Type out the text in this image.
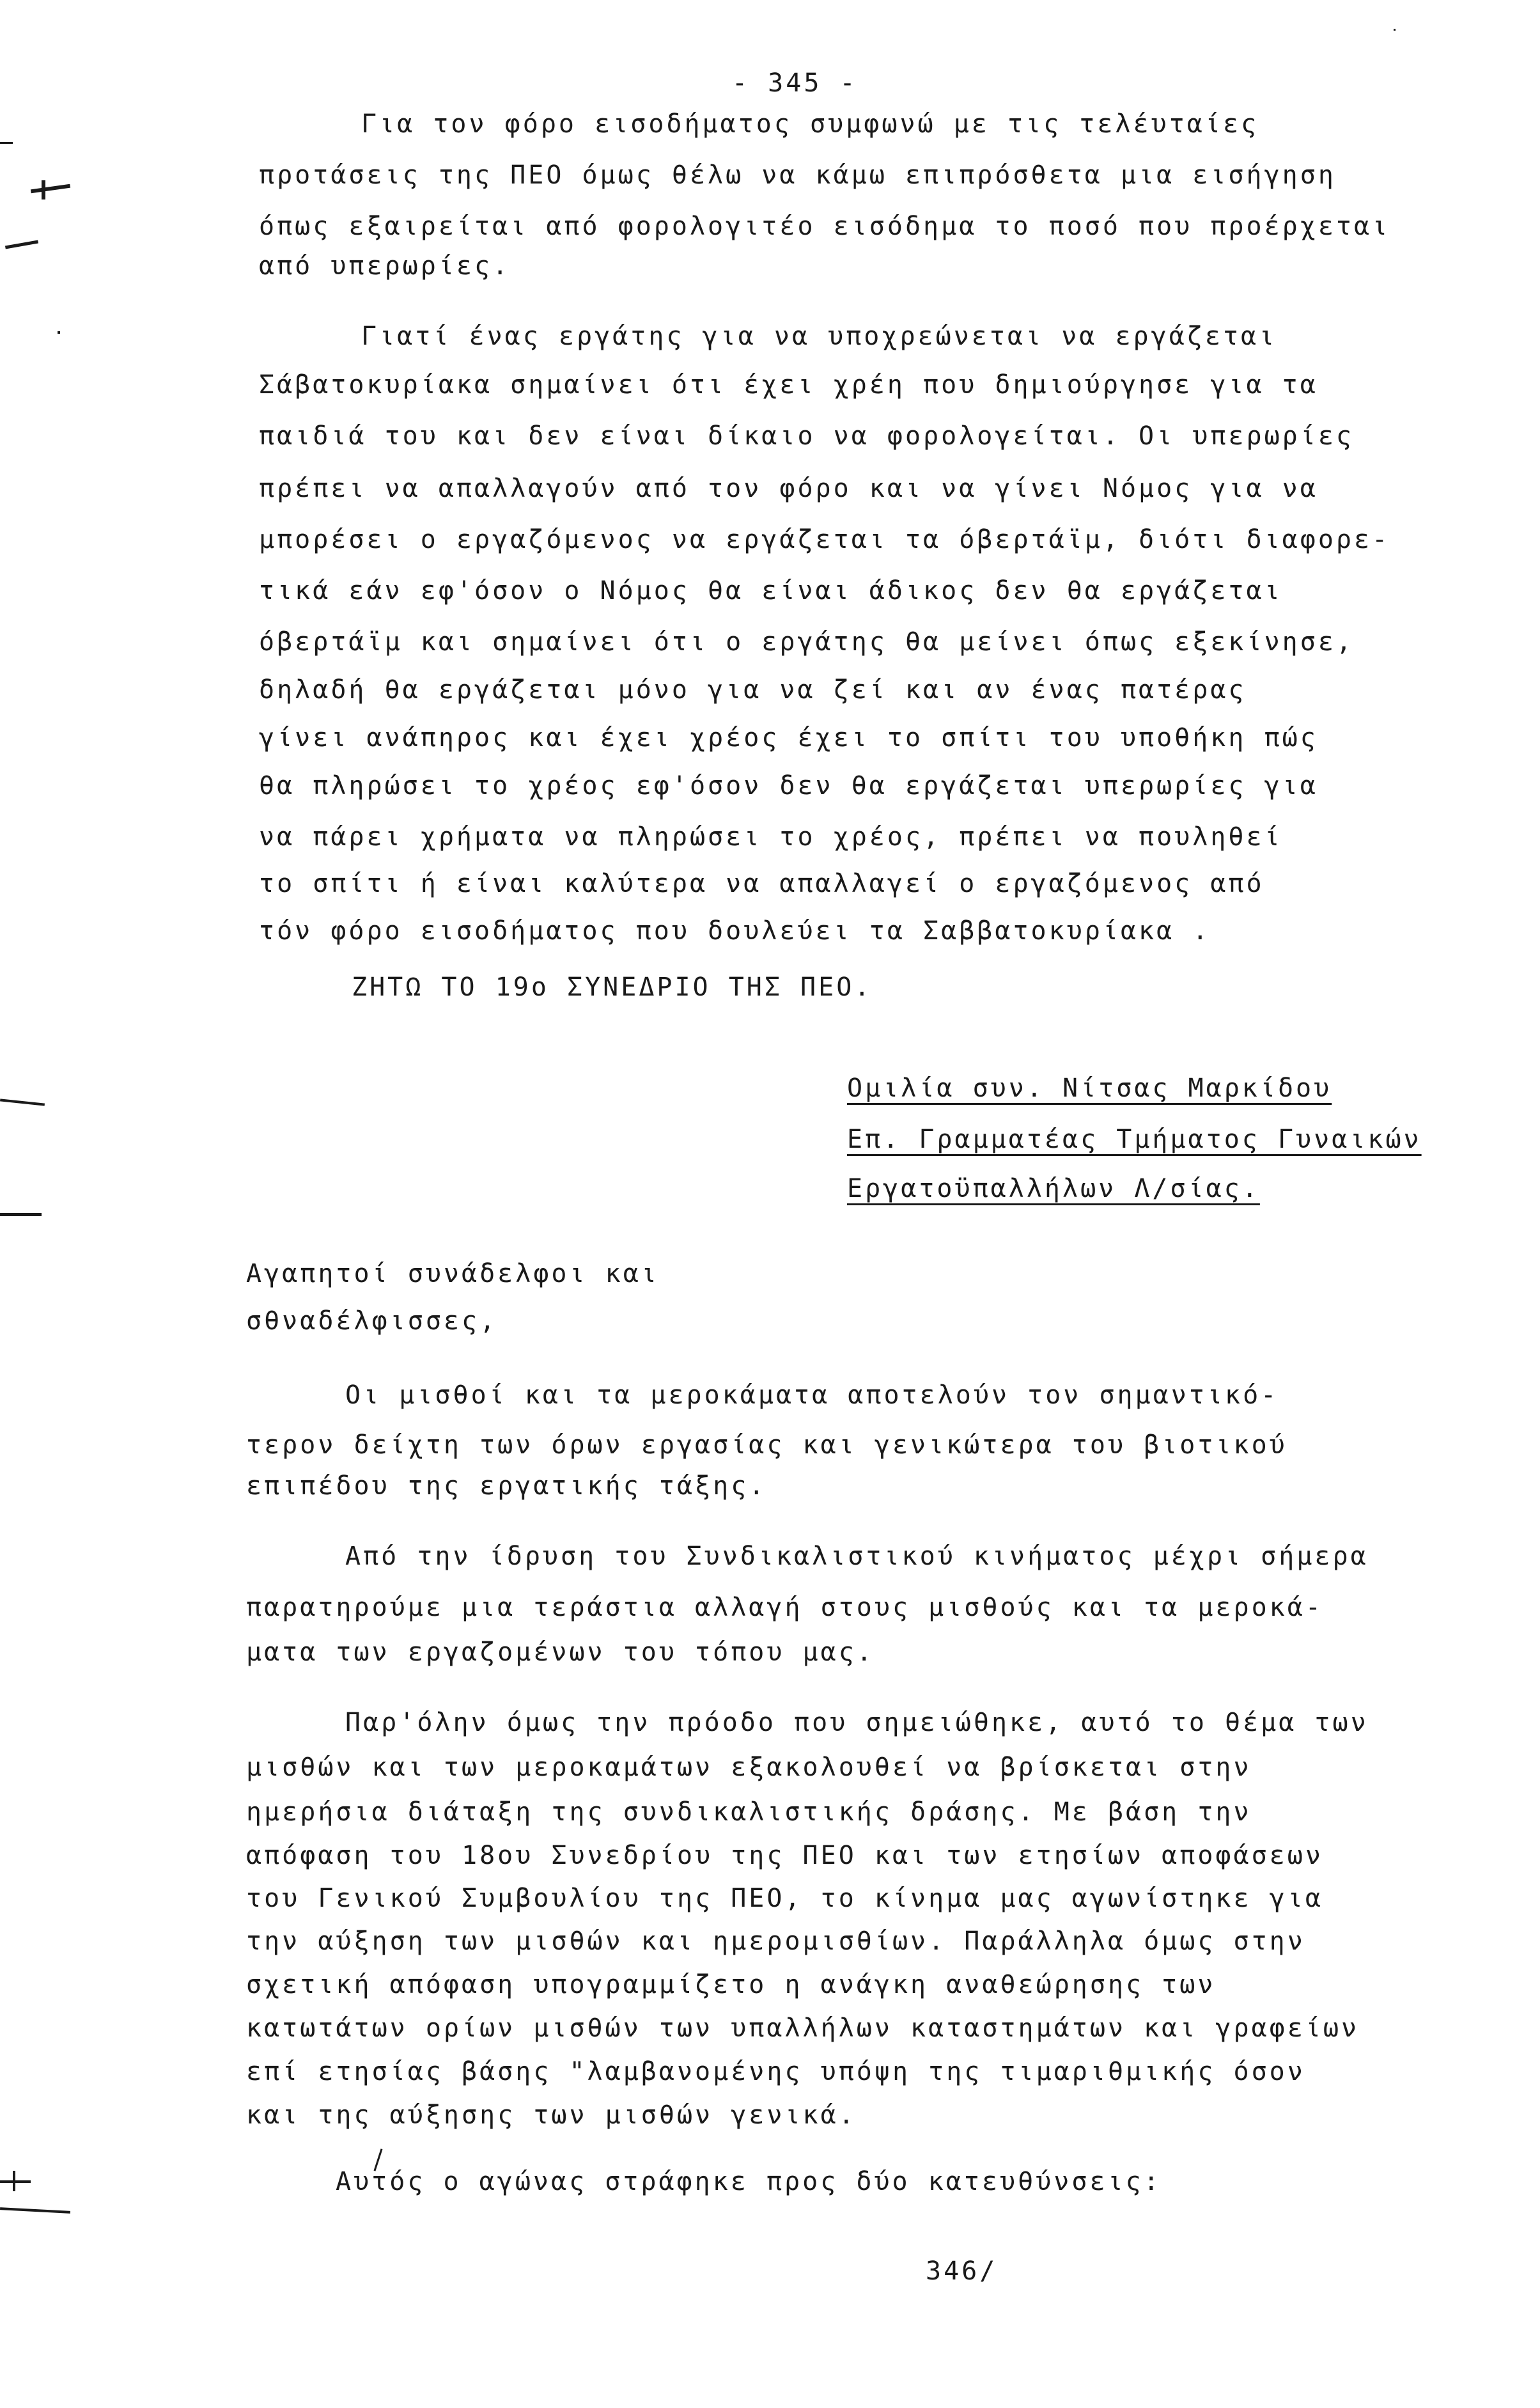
- 345 -
Για τον φόρο εισοδήματος συμφωνώ με τις τελέυταίες
προτάσεις της ΠΕΟ όμως θέλω να κάμω επιπρόσθετα μια εισήγηση
όπως εξαιρείται από φορολογιτέο εισόδημα το ποσό που προέρχεται
από υπερωρίες.
Γιατί ένας εργάτης για να υποχρεώνεται να εργάζεται
Σάβατοκυρίακα σημαίνει ότι έχει χρέη που δημιούργησε για τα
παιδιά του και δεν είναι δίκαιο να φορολογείται. Οι υπερωρίες
πρέπει να απαλλαγούν από τον φόρο και να γίνει Νόμος για να
μπορέσει ο εργαζόμενος να εργάζεται τα όβερτάϊμ, διότι διαφορε-
τικά εάν εφ'όσον ο Νόμος θα είναι άδικος δεν θα εργάζεται
όβερτάϊμ και σημαίνει ότι ο εργάτης θα μείνει όπως εξεκίνησε,
δηλαδή θα εργάζεται μόνο για να ζεί και αν ένας πατέρας
γίνει ανάπηρος και έχει χρέος έχει το σπίτι του υποθήκη πώς
θα πληρώσει το χρέος εφ'όσον δεν θα εργάζεται υπερωρίες για
να πάρει χρήματα να πληρώσει το χρέος, πρέπει να πουληθεί
το σπίτι ή είναι καλύτερα να απαλλαγεί ο εργαζόμενος από
τόν φόρο εισοδήματος που δουλεύει τα Σαββατοκυρίακα .
ΖΗΤΩ ΤΟ 19ο ΣΥΝΕΔΡΙΟ ΤΗΣ ΠΕΟ.
Ομιλία συν. Νίτσας Μαρκίδου
Επ. Γραμματέας Τμήματος Γυναικών
Εργατοϋπαλλήλων Λ/σίας.
Αγαπητοί συνάδελφοι και
σθναδέλφισσες,
Οι μισθοί και τα μεροκάματα αποτελούν τον σημαντικό-
τερον δείχτη των όρων εργασίας και γενικώτερα του βιοτικού
επιπέδου της εργατικής τάξης.
Από την ίδρυση του Συνδικαλιστικού κινήματος μέχρι σήμερα
παρατηρούμε μια τεράστια αλλαγή στους μισθούς και τα μεροκά-
ματα των εργαζομένων του τόπου μας.
Παρ'όλην όμως την πρόοδο που σημειώθηκε, αυτό το θέμα των
μισθών και των μεροκαμάτων εξακολουθεί να βρίσκεται στην
ημερήσια διάταξη της συνδικαλιστικής δράσης. Με βάση την
απόφαση του 18ου Συνεδρίου της ΠΕΟ και των ετησίων αποφάσεων
του Γενικού Συμβουλίου της ΠΕΟ, το κίνημα μας αγωνίστηκε για
την αύξηση των μισθών και ημερομισθίων. Παράλληλα όμως στην
σχετική απόφαση υπογραμμίζετο η ανάγκη αναθεώρησης των
κατωτάτων ορίων μισθών των υπαλλήλων καταστημάτων και γραφείων
επί ετησίας βάσης "λαμβανομένης υπόψη της τιμαριθμικής όσον
και της αύξησης των μισθών γενικά.
Αυτός ο αγώνας στράφηκε προς δύο κατευθύνσεις:
346/
